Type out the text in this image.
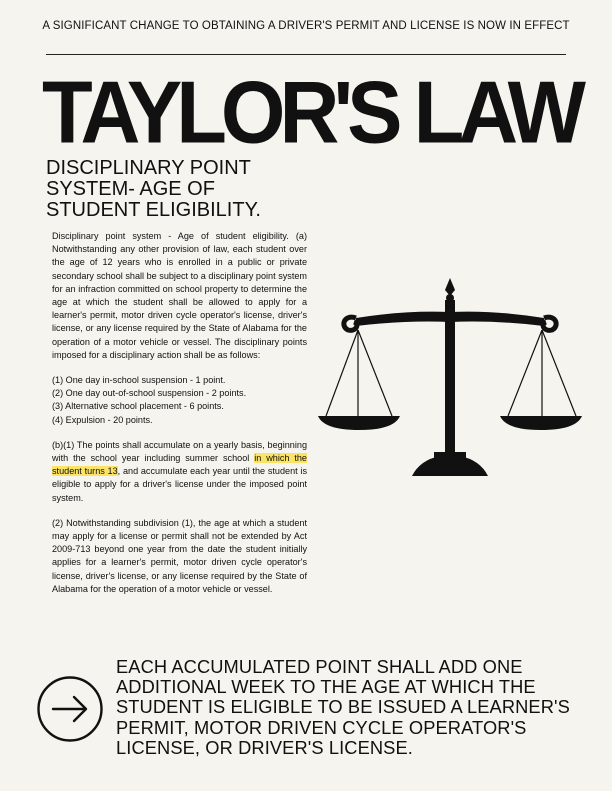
A SIGNIFICANT CHANGE TO OBTAINING A DRIVER'S PERMIT AND LICENSE IS NOW IN EFFECT
TAYLOR'S LAW
DISCIPLINARY POINT SYSTEM- AGE OF STUDENT ELIGIBILITY.

Disciplinary point system - Age of student eligibility. (a) Notwithstanding any other provision of law, each student over the age of 12 years who is enrolled in a public or private secondary school shall be subject to a disciplinary point system for an infraction committed on school property to determine the age at which the student shall be allowed to apply for a learner's permit, motor driven cycle operator's license, driver's license, or any license required by the State of Alabama for the operation of a motor vehicle or vessel. The disciplinary points imposed for a disciplinary action shall be as follows:

(1) One day in-school suspension - 1 point.
(2) One day out-of-school suspension - 2 points.
(3) Alternative school placement - 6 points.
(4) Expulsion - 20 points.

(b)(1) The points shall accumulate on a yearly basis, beginning with the school year including summer school in which the student turns 13, and accumulate each year until the student is eligible to apply for a driver's license under the imposed point system.

(2) Notwithstanding subdivision (1), the age at which a student may apply for a license or permit shall not be extended by Act 2009-713 beyond one year from the date the student initially applies for a learner's permit, motor driven cycle operator's license, driver's license, or any license required by the State of Alabama for the operation of a motor vehicle or vessel.

EACH ACCUMULATED POINT SHALL ADD ONE ADDITIONAL WEEK TO THE AGE AT WHICH THE STUDENT IS ELIGIBLE TO BE ISSUED A LEARNER'S PERMIT, MOTOR DRIVEN CYCLE OPERATOR'S LICENSE, OR DRIVER'S LICENSE.
